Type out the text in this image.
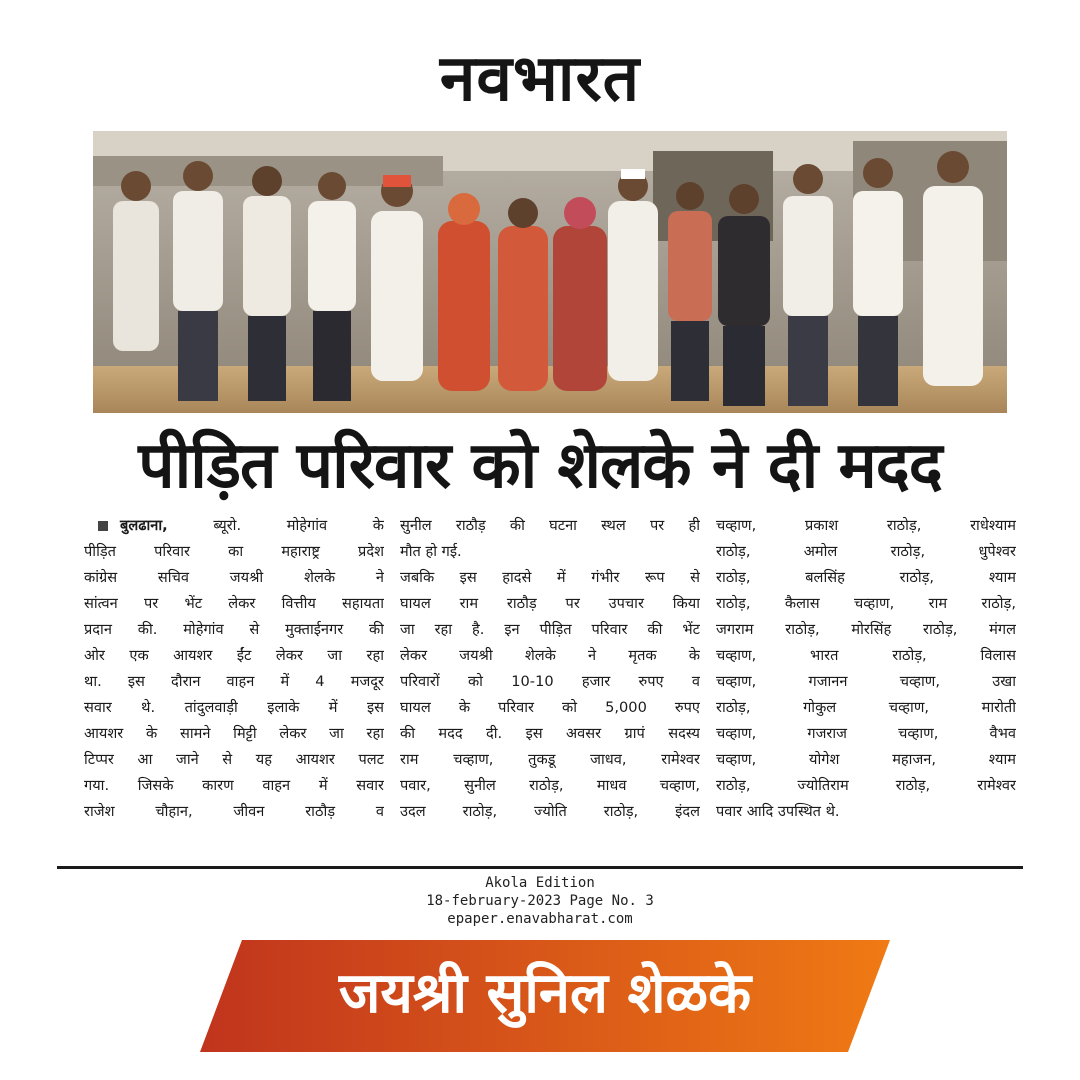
नवभारत
पीड़ित परिवार को शेलके ने दी मदद
बुलढाना,	ब्यूरो. मोहेगांव के
पीड़ित परिवार का महाराष्ट्र प्रदेश
कांग्रेस सचिव जयश्री शेलके ने
सांत्वन पर भेंट लेकर वित्तीय सहायता
प्रदान की. मोहेगांव से मुक्ताईनगर की
ओर एक आयशर ईंट लेकर जा रहा
था. इस दौरान वाहन में 4 मजदूर
सवार थे. तांदुलवाड़ी इलाके में इस
आयशर के सामने मिट्टी लेकर जा रहा
टिप्पर आ जाने से यह आयशर पलट
गया. जिसके कारण वाहन में सवार
राजेश चौहान, जीवन राठौड़ व
सुनील राठौड़ की घटना स्थल पर ही
मौत हो गई.
जबकि इस हादसे में गंभीर रूप से
घायल राम राठौड़ पर उपचार किया
जा रहा है. इन पीड़ित परिवार की भेंट
लेकर जयश्री शेलके ने मृतक के
परिवारों को 10-10 हजार रुपए व
घायल के परिवार को 5,000 रुपए
की मदद दी. इस अवसर ग्रापं सदस्य
राम चव्हाण, तुकडू जाधव, रामेश्वर
पवार, सुनील राठोड़, माधव चव्हाण,
उदल राठोड़, ज्योति राठोड़, इंदल
चव्हाण, प्रकाश राठोड़, राधेश्याम
राठोड़, अमोल राठोड़, धुपेश्वर
राठोड़, बलसिंह राठोड़, श्याम
राठोड़, कैलास चव्हाण, राम राठोड़,
जगराम राठोड़, मोरसिंह राठोड़, मंगल
चव्हाण, भारत राठोड़, विलास
चव्हाण, गजानन चव्हाण, उखा
राठोड़, गोकुल चव्हाण, मारोती
चव्हाण, गजराज चव्हाण, वैभव
चव्हाण, योगेश महाजन, श्याम
राठोड़, ज्योतिराम राठोड़, रामेश्वर
पवार आदि उपस्थित थे.
Akola Edition
18-february-2023 Page No. 3
epaper.enavabharat.com
जयश्री सुनिल शेळके
